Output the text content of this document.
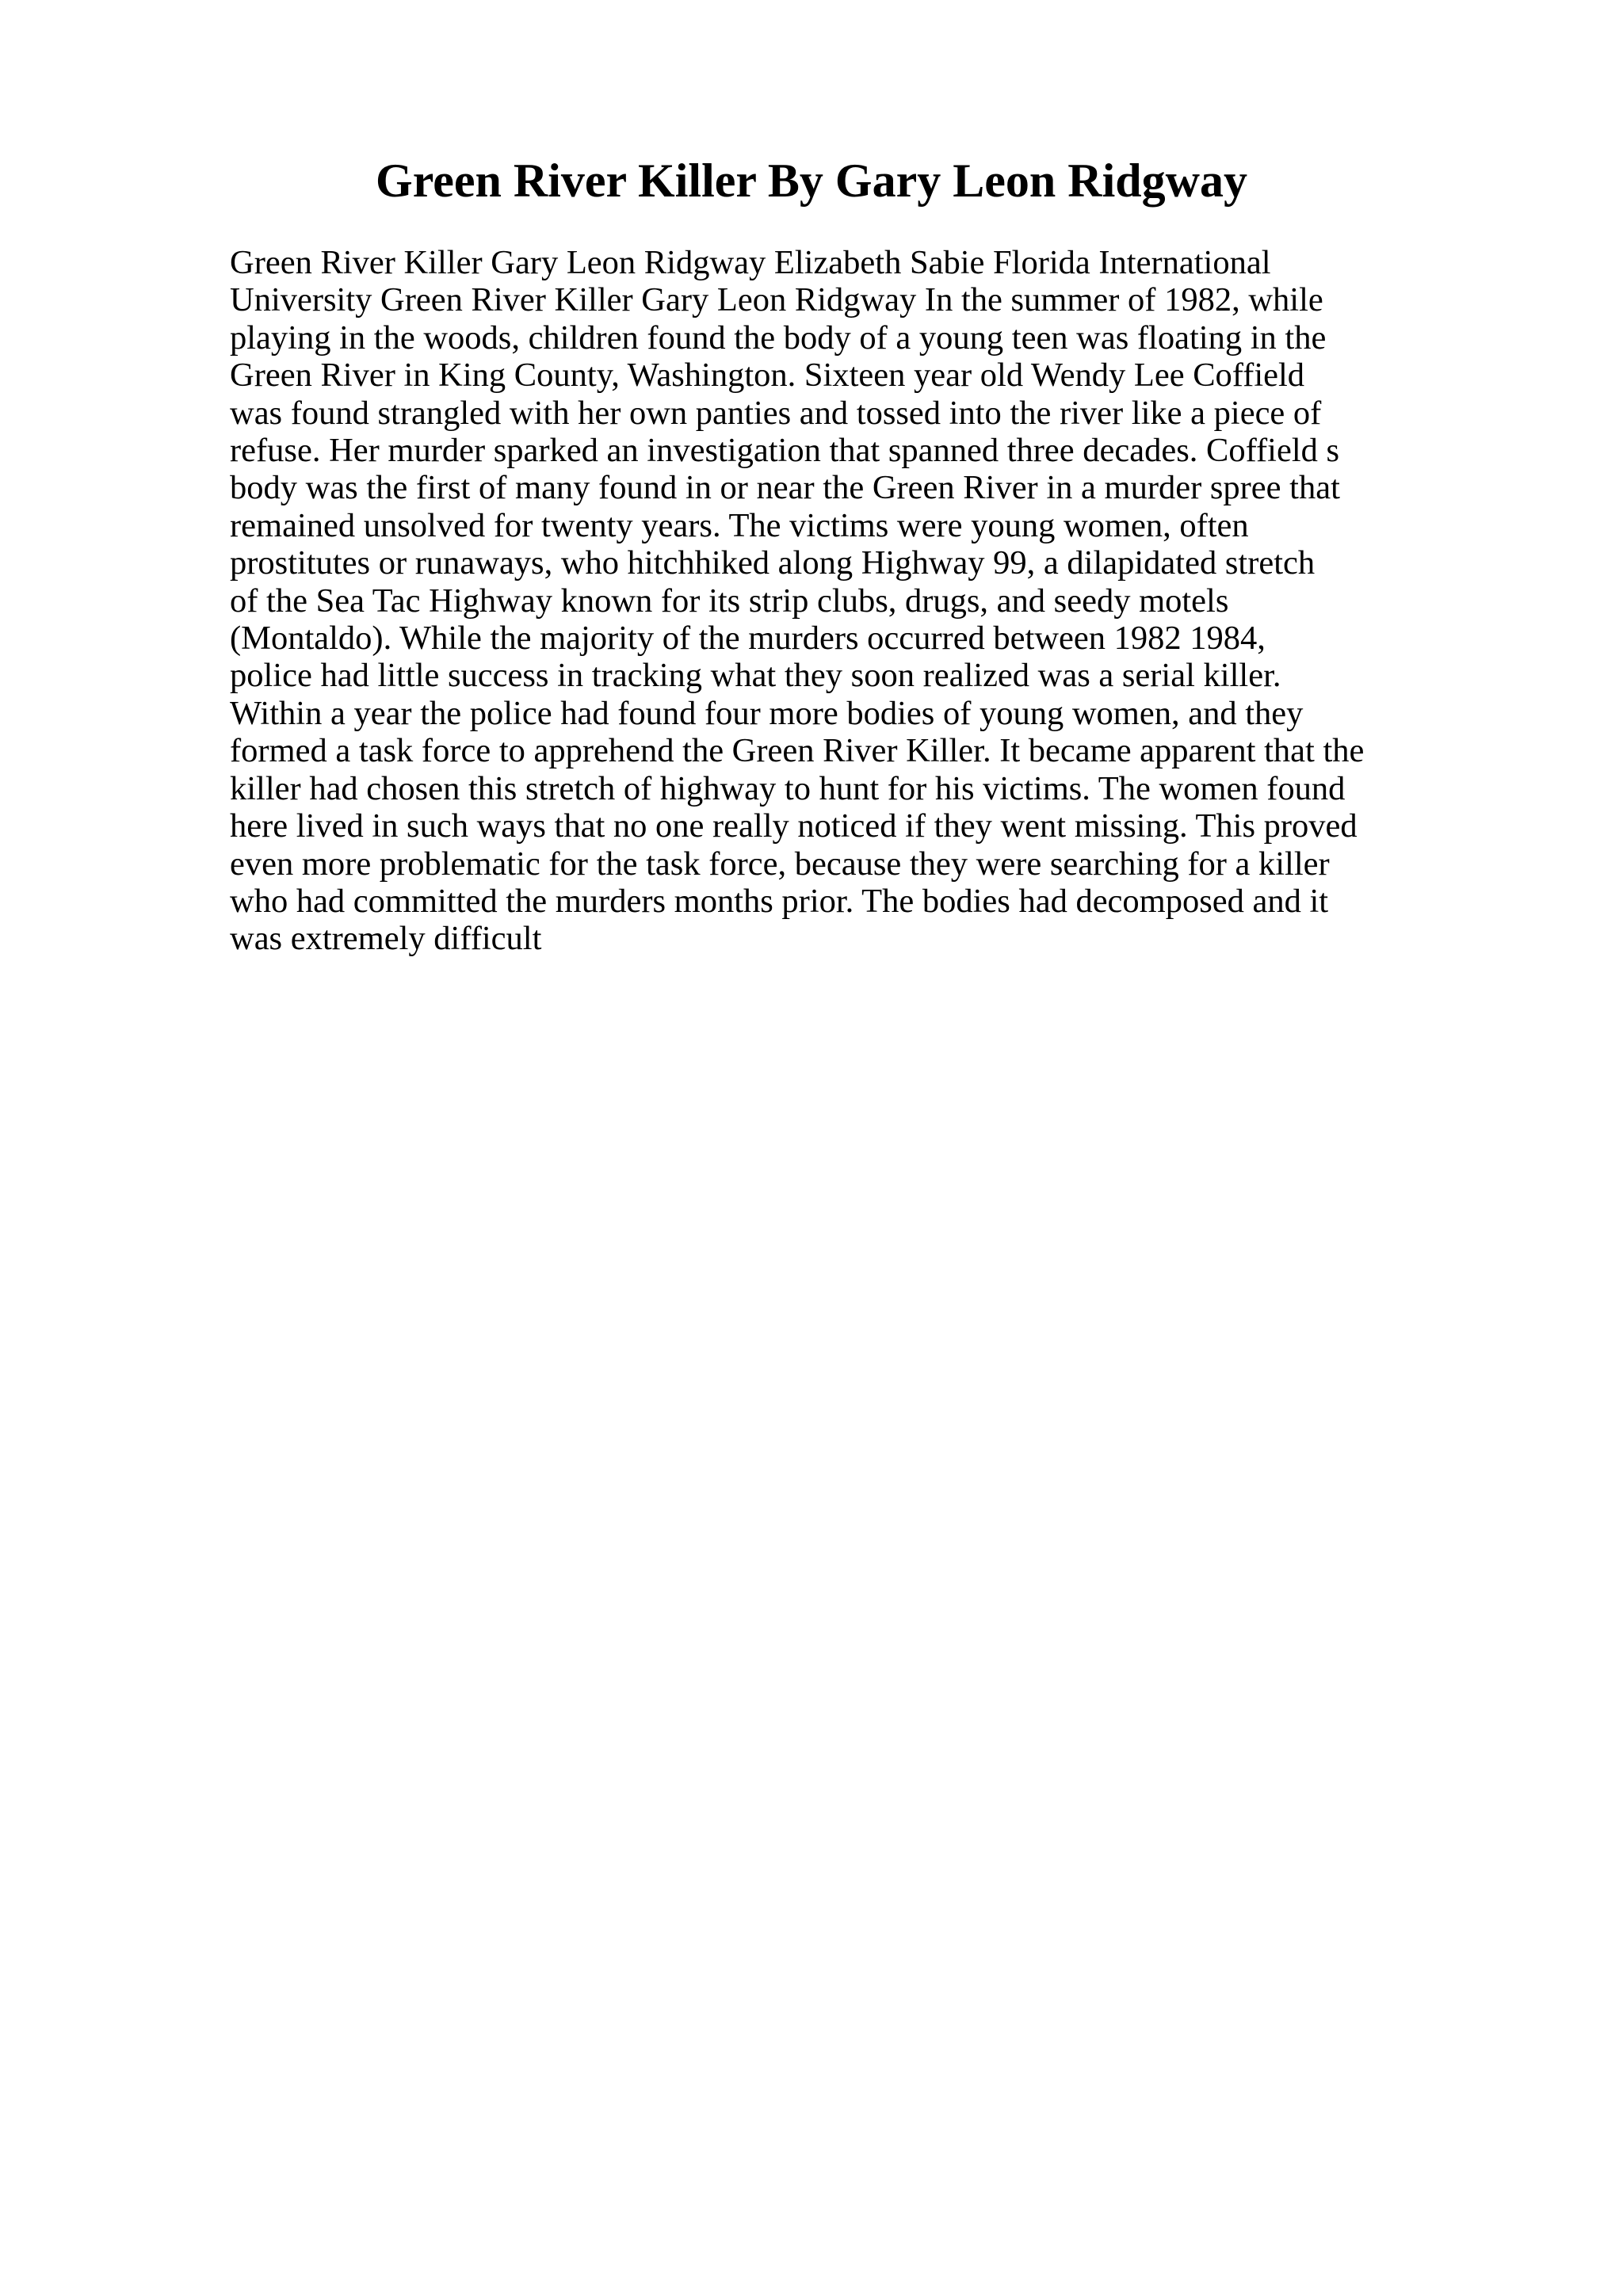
Green River Killer By Gary Leon Ridgway
Green River Killer Gary Leon Ridgway Elizabeth Sabie Florida International
University Green River Killer Gary Leon Ridgway In the summer of 1982, while
playing in the woods, children found the body of a young teen was floating in the
Green River in King County, Washington. Sixteen year old Wendy Lee Coffield
was found strangled with her own panties and tossed into the river like a piece of
refuse. Her murder sparked an investigation that spanned three decades. Coffield s
body was the first of many found in or near the Green River in a murder spree that
remained unsolved for twenty years. The victims were young women, often
prostitutes or runaways, who hitchhiked along Highway 99, a dilapidated stretch
of the Sea Tac Highway known for its strip clubs, drugs, and seedy motels
(Montaldo). While the majority of the murders occurred between 1982 1984,
police had little success in tracking what they soon realized was a serial killer.
Within a year the police had found four more bodies of young women, and they
formed a task force to apprehend the Green River Killer. It became apparent that the
killer had chosen this stretch of highway to hunt for his victims. The women found
here lived in such ways that no one really noticed if they went missing. This proved
even more problematic for the task force, because they were searching for a killer
who had committed the murders months prior. The bodies had decomposed and it
was extremely difficult
